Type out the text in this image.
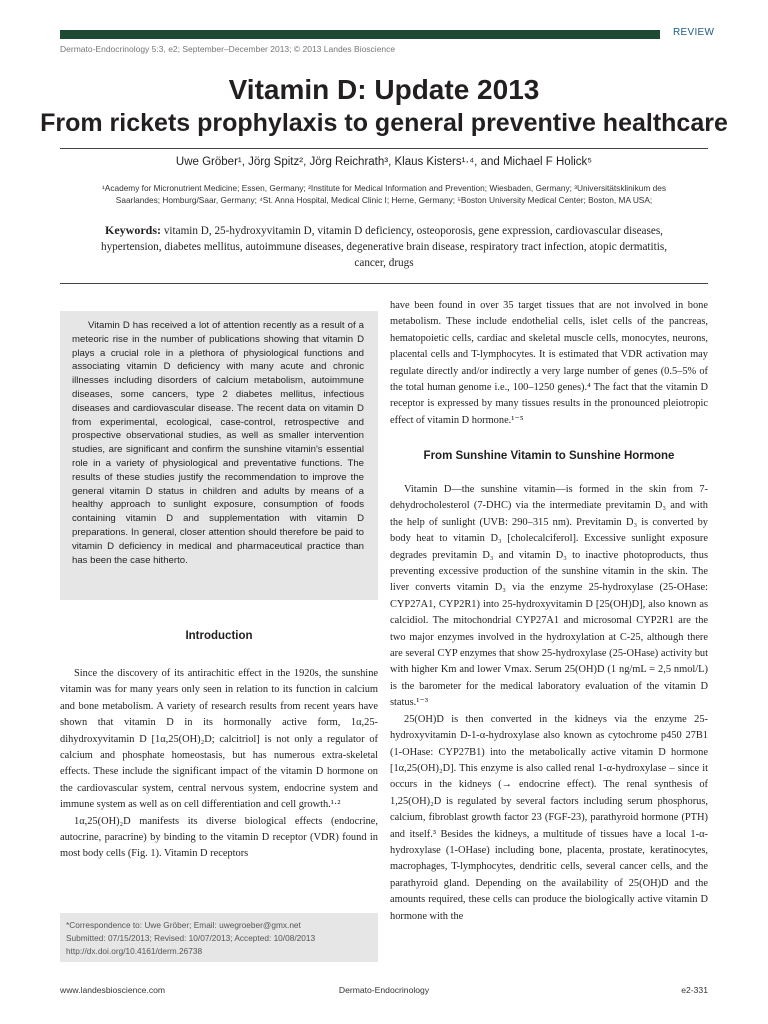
REVIEW
Dermato-Endocrinology 5:3, e2; September–December 2013; © 2013 Landes Bioscience
Vitamin D: Update 2013
From rickets prophylaxis to general preventive healthcare
Uwe Gröber¹, Jörg Spitz², Jörg Reichrath³, Klaus Kisters¹·⁴, and Michael F Holick⁵
¹Academy for Micronutrient Medicine; Essen, Germany; ²Institute for Medical Information and Prevention; Wiesbaden, Germany; ³Universitätsklinikum des Saarlandes; Homburg/Saar, Germany; ⁴St. Anna Hospital, Medical Clinic I; Herne, Germany; ⁵Boston University Medical Center; Boston, MA USA;
Keywords: vitamin D, 25-hydroxyvitamin D, vitamin D deficiency, osteoporosis, gene expression, cardiovascular diseases, hypertension, diabetes mellitus, autoimmune diseases, degenerative brain disease, respiratory tract infection, atopic dermatitis, cancer, drugs

Vitamin D has received a lot of attention recently as a result of a meteoric rise in the number of publications showing that vitamin D plays a crucial role in a plethora of physiological functions and associating vitamin D deficiency with many acute and chronic illnesses including disorders of calcium metabolism, autoimmune diseases, some cancers, type 2 diabetes mellitus, infectious diseases and cardiovascular disease. The recent data on vitamin D from experimental, ecological, case-control, retrospective and prospective observational studies, as well as smaller intervention studies, are significant and confirm the sunshine vitamin's essential role in a variety of physiological and preventative functions. The results of these studies justify the recommendation to improve the general vitamin D status in children and adults by means of a healthy approach to sunlight exposure, consumption of foods containing vitamin D and supplementation with vitamin D preparations. In general, closer attention should therefore be paid to vitamin D deficiency in medical and pharmaceutical practice than has been the case hitherto.

Introduction

Since the discovery of its antirachitic effect in the 1920s, the sunshine vitamin was for many years only seen in relation to its function in calcium and bone metabolism. A variety of research results from recent years have shown that vitamin D in its hormonally active form, 1α,25-dihydroxyvitamin D [1α,25(OH)₂D; calcitriol] is not only a regulator of calcium and phosphate homeostasis, but has numerous extra-skeletal effects. These include the significant impact of the vitamin D hormone on the cardiovascular system, central nervous system, endocrine system and immune system as well as on cell differentiation and cell growth.¹·²

1α,25(OH)₂D manifests its diverse biological effects (endocrine, autocrine, paracrine) by binding to the vitamin D receptor (VDR) found in most body cells (Fig. 1). Vitamin D receptors

have been found in over 35 target tissues that are not involved in bone metabolism. These include endothelial cells, islet cells of the pancreas, hematopoietic cells, cardiac and skeletal muscle cells, monocytes, neurons, placental cells and T-lymphocytes. It is estimated that VDR activation may regulate directly and/or indirectly a very large number of genes (0.5–5% of the total human genome i.e., 100–1250 genes).⁴ The fact that the vitamin D receptor is expressed by many tissues results in the pronounced pleiotropic effect of vitamin D hormone.¹⁻⁵

From Sunshine Vitamin to Sunshine Hormone

Vitamin D—the sunshine vitamin—is formed in the skin from 7-dehydrocholesterol (7-DHC) via the intermediate previtamin D₃ and with the help of sunlight (UVB: 290–315 nm). Previtamin D₃ is converted by body heat to vitamin D₃ [cholecalciferol]. Excessive sunlight exposure degrades previtamin D₃ and vitamin D₃ to inactive photoproducts, thus preventing excessive production of the sunshine vitamin in the skin. The liver converts vitamin D₃ via the enzyme 25-hydroxylase (25-OHase: CYP27A1, CYP2R1) into 25-hydroxyvitamin D [25(OH)D], also known as calcidiol. The mitochondrial CYP27A1 and microsomal CYP2R1 are the two major enzymes involved in the hydroxylation at C-25, although there are several CYP enzymes that show 25-hydroxylase (25-OHase) activity but with higher Km and lower Vmax. Serum 25(OH)D (1 ng/mL = 2,5 nmol/L) is the barometer for the medical laboratory evaluation of the vitamin D status.¹⁻³

25(OH)D is then converted in the kidneys via the enzyme 25-hydroxyvitamin D-1-α-hydroxylase also known as cytochrome p450 27B1 (1-OHase: CYP27B1) into the metabolically active vitamin D hormone [1α,25(OH)₂D]. This enzyme is also called renal 1-α-hydroxylase – since it occurs in the kidneys (→ endocrine effect). The renal synthesis of 1,25(OH)₂D is regulated by several factors including serum phosphorus, calcium, fibroblast growth factor 23 (FGF-23), parathyroid hormone (PTH) and itself.³ Besides the kidneys, a multitude of tissues have a local 1-α-hydroxylase (1-OHase) including bone, placenta, prostate, keratinocytes, macrophages, T-lymphocytes, dendritic cells, several cancer cells, and the parathyroid gland. Depending on the availability of 25(OH)D and the amounts required, these cells can produce the biologically active vitamin D hormone with the

*Correspondence to: Uwe Gröber; Email: uwegroeber@gmx.net
Submitted: 07/15/2013; Revised: 10/07/2013; Accepted: 10/08/2013
http://dx.doi.org/10.4161/derm.26738
www.landesbioscience.com	Dermato-Endocrinology	e2-331
